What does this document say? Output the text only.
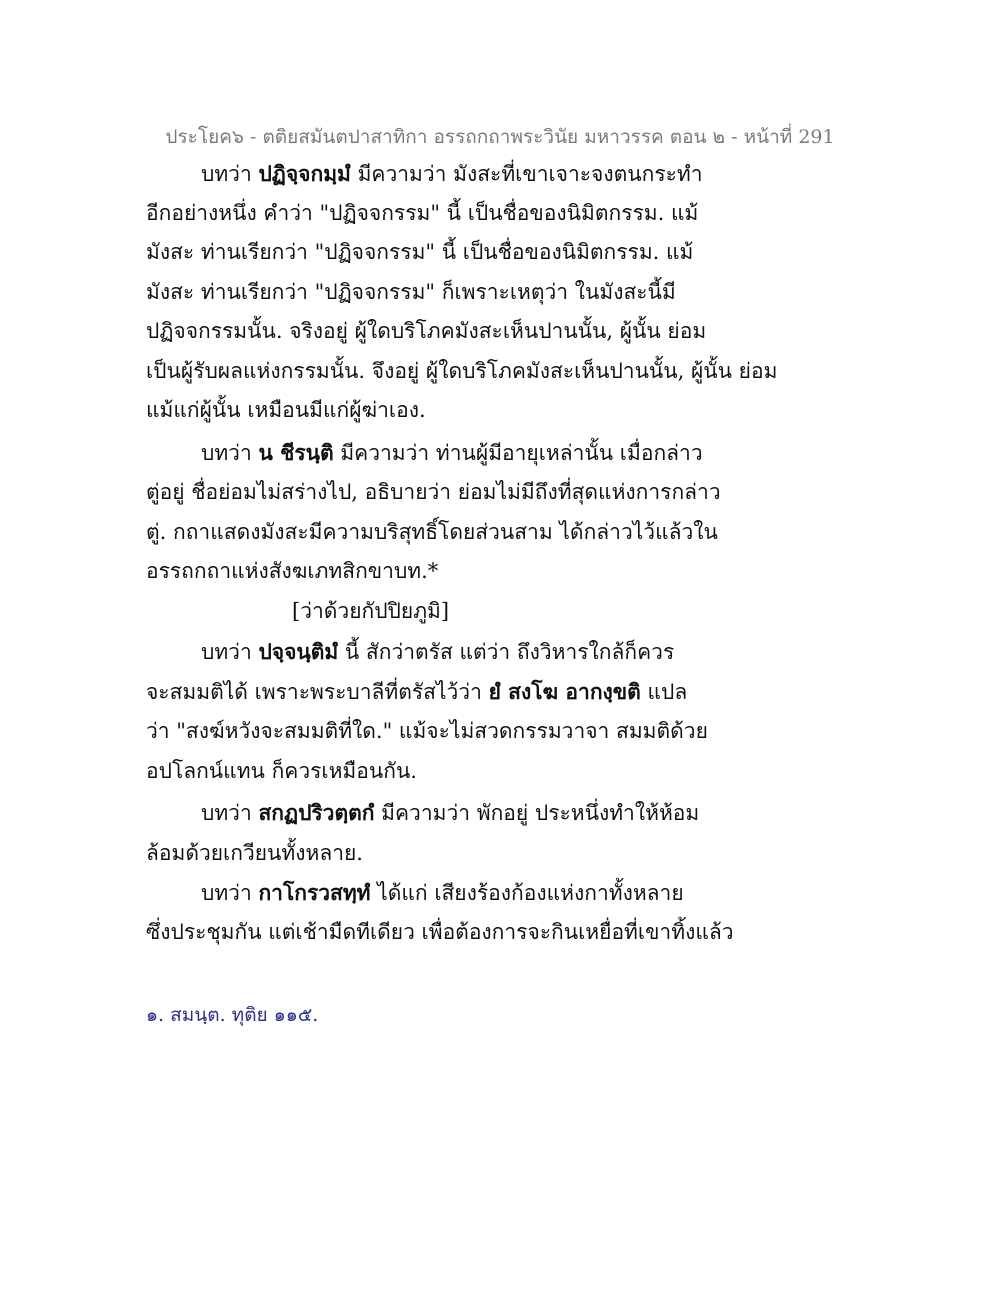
ประโยค๖ - ตติยสมันตปาสาทิกา อรรถกถาพระวินัย มหาวรรค ตอน ๒ - หน้าที่ 291
บทว่า ปฏิจฺจกมฺมํ มีความว่า มังสะที่เขาเจาะจงตนกระทำ
อีกอย่างหนึ่ง คำว่า "ปฏิจจกรรม" นี้ เป็นชื่อของนิมิตกรรม. แม้
มังสะ ท่านเรียกว่า "ปฏิจจกรรม" นี้ เป็นชื่อของนิมิตกรรม. แม้
มังสะ ท่านเรียกว่า "ปฏิจจกรรม" ก็เพราะเหตุว่า ในมังสะนี้มี
ปฏิจจกรรมนั้น. จริงอยู่ ผู้ใดบริโภคมังสะเห็นปานนั้น, ผู้นั้น ย่อม
เป็นผู้รับผลแห่งกรรมนั้น. จึงอยู่ ผู้ใดบริโภคมังสะเห็นปานนั้น, ผู้นั้น ย่อม
แม้แก่ผู้นั้น เหมือนมีแก่ผู้ฆ่าเอง.
บทว่า น ชีรนฺติ มีความว่า ท่านผู้มีอายุเหล่านั้น เมื่อกล่าว
ตู่อยู่ ชื่อย่อมไม่สร่างไป, อธิบายว่า ย่อมไม่มีถึงที่สุดแห่งการกล่าว
ตู่. กถาแสดงมังสะมีความบริสุทธิ์โดยส่วนสาม ได้กล่าวไว้แล้วใน
อรรถกถาแห่งสังฆเภทสิกขาบท.*
[ว่าด้วยกัปปิยภูมิ]
บทว่า ปจฺจนฺติมํ นี้ สักว่าตรัส แต่ว่า ถึงวิหารใกล้ก็ควร
จะสมมติได้ เพราะพระบาลีที่ตรัสไว้ว่า ยํ สงโฆ อากงฺขติ แปล
ว่า "สงฆ์หวังจะสมมติที่ใด." แม้จะไม่สวดกรรมวาจา สมมติด้วย
อปโลกน์แทน ก็ควรเหมือนกัน.
บทว่า สกฏปริวตฺตกํ มีความว่า พักอยู่ ประหนึ่งทำให้ห้อม
ล้อมด้วยเกวียนทั้งหลาย.
บทว่า กาโกรวสทฺทํ ได้แก่ เสียงร้องก้องแห่งกาทั้งหลาย
ซึ่งประชุมกัน แต่เช้ามืดทีเดียว เพื่อต้องการจะกินเหยื่อที่เขาทิ้งแล้ว
๑. สมนฺต. ทุติย ๑๑๕.
